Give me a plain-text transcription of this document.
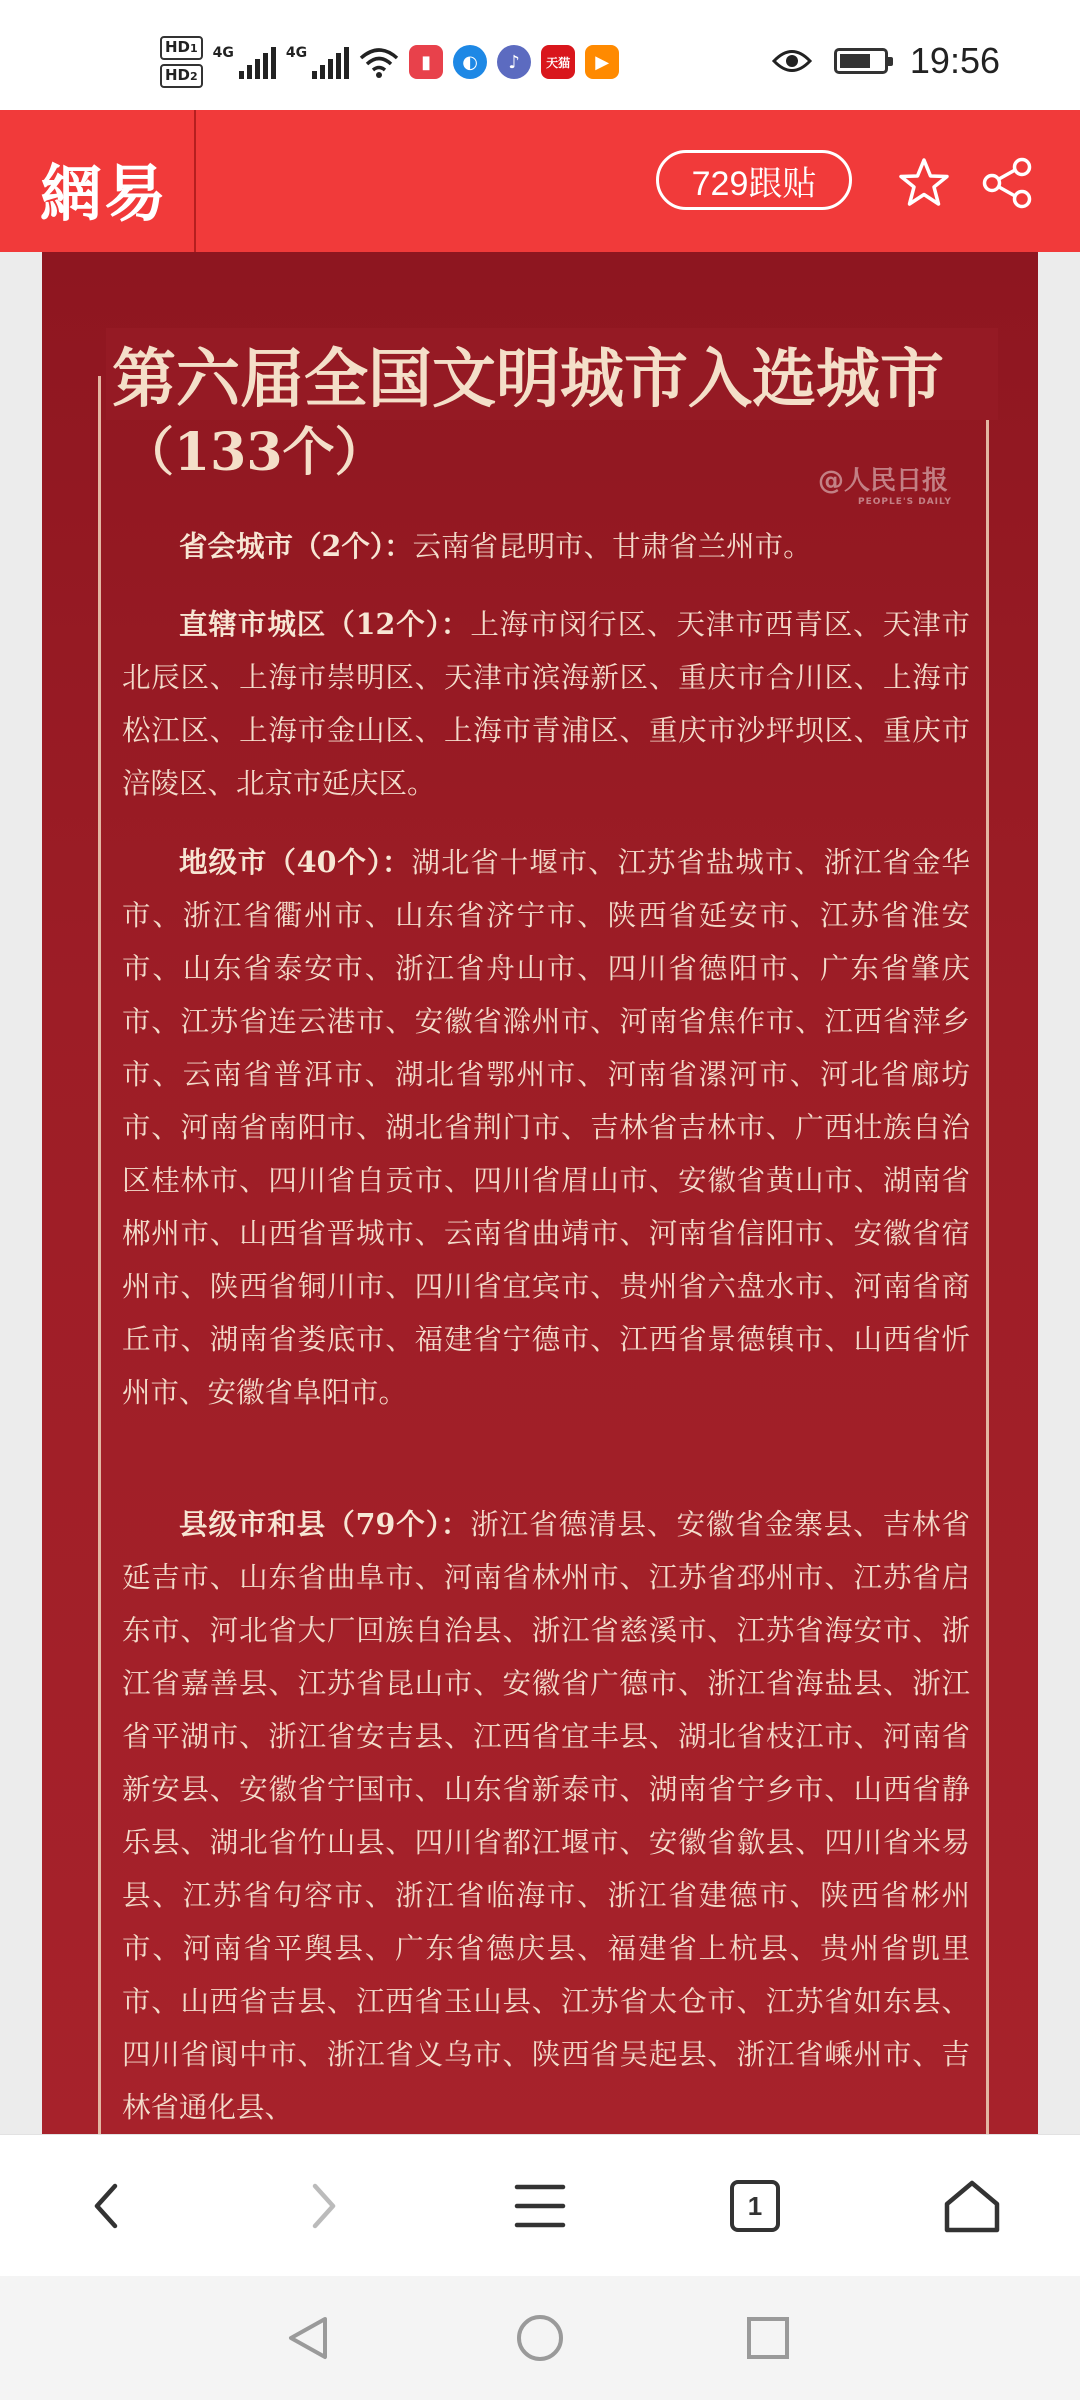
HD1
HD2
4G	4G	▮	◐	♪	天猫	▶	19:56
網易	729跟贴
第六届全国文明城市入选城市
（133个）	@人民日报
PEOPLE'S DAILY

省会城市（2个）：云南省昆明市、甘肃省兰州市。

直辖市城区（12个）：上海市闵行区、天津市西青区、天津市北辰区、上海市崇明区、天津市滨海新区、重庆市合川区、上海市松江区、上海市金山区、上海市青浦区、重庆市沙坪坝区、重庆市涪陵区、北京市延庆区。

地级市（40个）：湖北省十堰市、江苏省盐城市、浙江省金华市、浙江省衢州市、山东省济宁市、陕西省延安市、江苏省淮安市、山东省泰安市、浙江省舟山市、四川省德阳市、广东省肇庆市、江苏省连云港市、安徽省滁州市、河南省焦作市、江西省萍乡市、云南省普洱市、湖北省鄂州市、河南省漯河市、河北省廊坊市、河南省南阳市、湖北省荆门市、吉林省吉林市、广西壮族自治区桂林市、四川省自贡市、四川省眉山市、安徽省黄山市、湖南省郴州市、山西省晋城市、云南省曲靖市、河南省信阳市、安徽省宿州市、陕西省铜川市、四川省宜宾市、贵州省六盘水市、河南省商丘市、湖南省娄底市、福建省宁德市、江西省景德镇市、山西省忻州市、安徽省阜阳市。

县级市和县（79个）：浙江省德清县、安徽省金寨县、吉林省延吉市、山东省曲阜市、河南省林州市、江苏省邳州市、江苏省启东市、河北省大厂回族自治县、浙江省慈溪市、江苏省海安市、浙江省嘉善县、江苏省昆山市、安徽省广德市、浙江省海盐县、浙江省平湖市、浙江省安吉县、江西省宜丰县、湖北省枝江市、河南省新安县、安徽省宁国市、山东省新泰市、湖南省宁乡市、山西省静乐县、湖北省竹山县、四川省都江堰市、安徽省歙县、四川省米易县、江苏省句容市、浙江省临海市、浙江省建德市、陕西省彬州市、河南省平舆县、广东省德庆县、福建省上杭县、贵州省凯里市、山西省吉县、江西省玉山县、江苏省太仓市、江苏省如东县、四川省阆中市、浙江省义乌市、陕西省吴起县、浙江省嵊州市、吉林省通化县、

1
